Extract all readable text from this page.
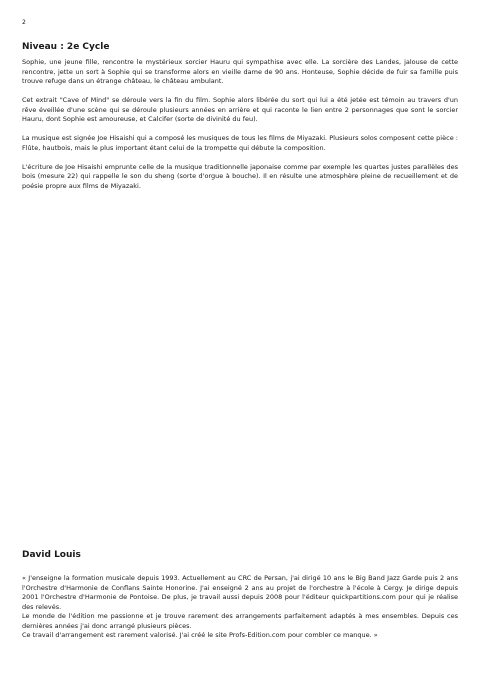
2
Niveau : 2e Cycle

Sophie, une jeune fille, rencontre le mystérieux sorcier Hauru qui sympathise avec elle. La sorcière des Landes, jalouse de cette rencontre, jette un sort à Sophie qui se transforme alors en vieille dame de 90 ans. Honteuse, Sophie décide de fuir sa famille puis trouve refuge dans un étrange château, le château ambulant.

Cet extrait "Cave of Mind" se déroule vers la fin du film. Sophie alors libérée du sort qui lui a été jetée est témoin au travers d'un rêve éveillée d'une scène qui se déroule plusieurs années en arrière et qui raconte le lien entre 2 personnages que sont le sorcier Hauru, dont Sophie est amoureuse, et Calcifer (sorte de divinité du feu).

La musique est signée Joe Hisaishi qui a composé les musiques de tous les films de Miyazaki. Plusieurs solos composent cette pièce : Flûte, hautbois, mais le plus important étant celui de la trompette qui débute la composition.

L'écriture de Joe Hisaishi emprunte celle de la musique traditionnelle japonaise comme par exemple les quartes justes parallèles des bois (mesure 22) qui rappelle le son du sheng (sorte d'orgue à bouche). Il en résulte une atmosphère pleine de recueillement et de poésie propre aux films de Miyazaki.

David Louis

« J'enseigne la formation musicale depuis 1993. Actuellement au CRC de Persan, j'ai dirigé 10 ans le Big Band Jazz Garde puis 2 ans l'Orchestre d'Harmonie de Conflans Sainte Honorine. J'ai enseigné 2 ans au projet de l'orchestre à l'école à Cergy. Je dirige depuis 2001 l'Orchestre d'Harmonie de Pontoise. De plus, je travail aussi depuis 2008 pour l'éditeur quickpartitions.com pour qui je réalise des relevés.

Le monde de l'édition me passionne et je trouve rarement des arrangements parfaitement adaptés à mes ensembles. Depuis ces dernières années j'ai donc arrangé plusieurs pièces.

Ce travail d'arrangement est rarement valorisé. J'ai créé le site Profs-Edition.com pour combler ce manque. »
